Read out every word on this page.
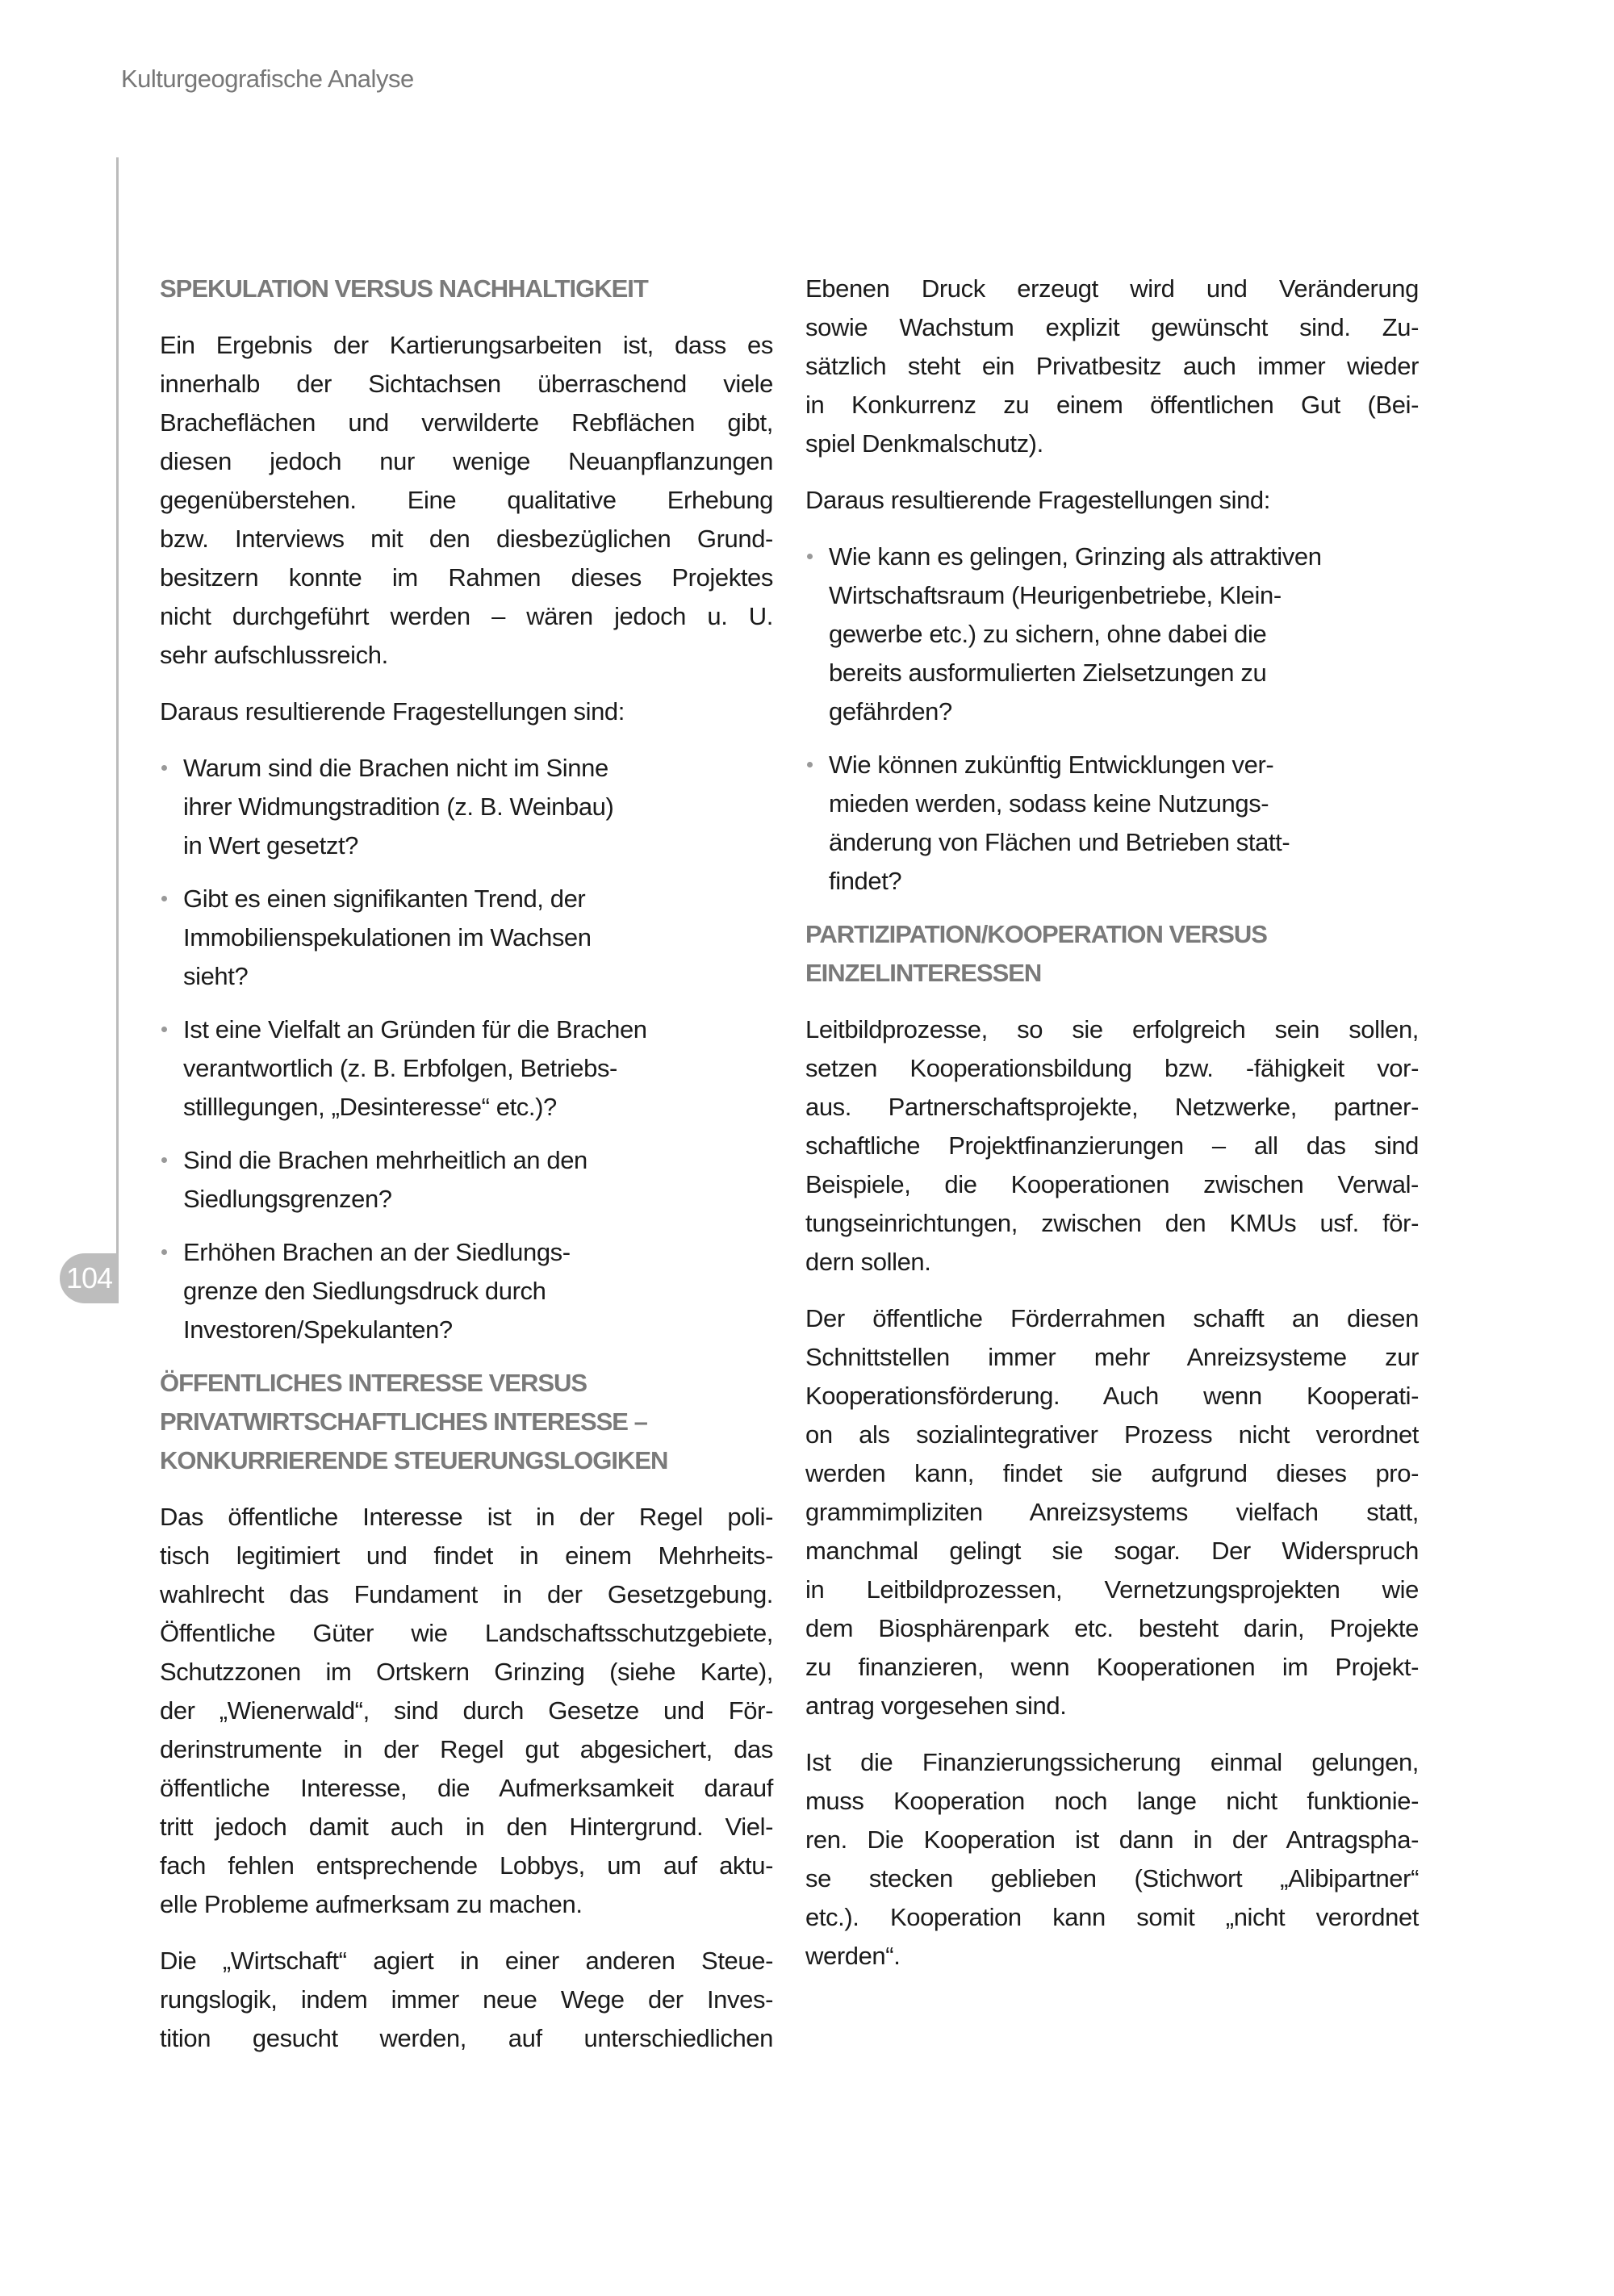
Kulturgeografische Analyse
104
SPEKULATION VERSUS NACHHALTIGKEIT
Ein Ergebnis der Kartierungsarbeiten ist, dass es
innerhalb der Sichtachsen überraschend viele
Bracheflächen und verwilderte Rebflächen gibt,
diesen jedoch nur wenige Neuanpflanzungen
gegenüberstehen. Eine qualitative Erhebung
bzw. Interviews mit den diesbezüglichen Grund-
besitzern konnte im Rahmen dieses Projektes
nicht durchgeführt werden – wären jedoch u. U.
sehr aufschlussreich.
Daraus resultierende Fragestellungen sind:
Warum sind die Brachen nicht im Sinne
ihrer Widmungstradition (z. B. Weinbau)
in Wert gesetzt?
Gibt es einen signifikanten Trend, der
Immobilienspekulationen im Wachsen
sieht?
Ist eine Vielfalt an Gründen für die Brachen
verantwortlich (z. B. Erbfolgen, Betriebs-
stilllegungen, „Desinteresse“ etc.)?
Sind die Brachen mehrheitlich an den
Siedlungsgrenzen?
Erhöhen Brachen an der Siedlungs-
grenze den Siedlungsdruck durch
Investoren/Spekulanten?
ÖFFENTLICHES INTERESSE VERSUS
PRIVATWIRTSCHAFTLICHES INTERESSE –
KONKURRIERENDE STEUERUNGSLOGIKEN
Das öffentliche Interesse ist in der Regel poli-
tisch legitimiert und findet in einem Mehrheits-
wahlrecht das Fundament in der Gesetzgebung.
Öffentliche Güter wie Landschaftsschutzgebiete,
Schutzzonen im Ortskern Grinzing (siehe Karte),
der „Wienerwald“, sind durch Gesetze und För-
derinstrumente in der Regel gut abgesichert, das
öffentliche Interesse, die Aufmerksamkeit darauf
tritt jedoch damit auch in den Hintergrund. Viel-
fach fehlen entsprechende Lobbys, um auf aktu-
elle Probleme aufmerksam zu machen.
Die „Wirtschaft“ agiert in einer anderen Steue-
rungslogik, indem immer neue Wege der Inves-
tition gesucht werden, auf unterschiedlichen
Ebenen Druck erzeugt wird und Veränderung
sowie Wachstum explizit gewünscht sind. Zu-
sätzlich steht ein Privatbesitz auch immer wieder
in Konkurrenz zu einem öffentlichen Gut (Bei-
spiel Denkmalschutz).
Daraus resultierende Fragestellungen sind:
Wie kann es gelingen, Grinzing als attraktiven
Wirtschaftsraum (Heurigenbetriebe, Klein-
gewerbe etc.) zu sichern, ohne dabei die
bereits ausformulierten Zielsetzungen zu
gefährden?
Wie können zukünftig Entwicklungen ver-
mieden werden, sodass keine Nutzungs-
änderung von Flächen und Betrieben statt-
findet?
PARTIZIPATION/KOOPERATION VERSUS
EINZELINTERESSEN
Leitbildprozesse, so sie erfolgreich sein sollen,
setzen Kooperationsbildung bzw. -fähigkeit vor-
aus. Partnerschaftsprojekte, Netzwerke, partner-
schaftliche Projektfinanzierungen – all das sind
Beispiele, die Kooperationen zwischen Verwal-
tungseinrichtungen, zwischen den KMUs usf. för-
dern sollen.
Der öffentliche Förderrahmen schafft an diesen
Schnittstellen immer mehr Anreizsysteme zur
Kooperationsförderung. Auch wenn Kooperati-
on als sozialintegrativer Prozess nicht verordnet
werden kann, findet sie aufgrund dieses pro-
grammimpliziten Anreizsystems vielfach statt,
manchmal gelingt sie sogar. Der Widerspruch
in Leitbildprozessen, Vernetzungsprojekten wie
dem Biosphärenpark etc. besteht darin, Projekte
zu finanzieren, wenn Kooperationen im Projekt-
antrag vorgesehen sind.
Ist die Finanzierungssicherung einmal gelungen,
muss Kooperation noch lange nicht funktionie-
ren. Die Kooperation ist dann in der Antragspha-
se stecken geblieben (Stichwort „Alibipartner“
etc.). Kooperation kann somit „nicht verordnet
werden“.
